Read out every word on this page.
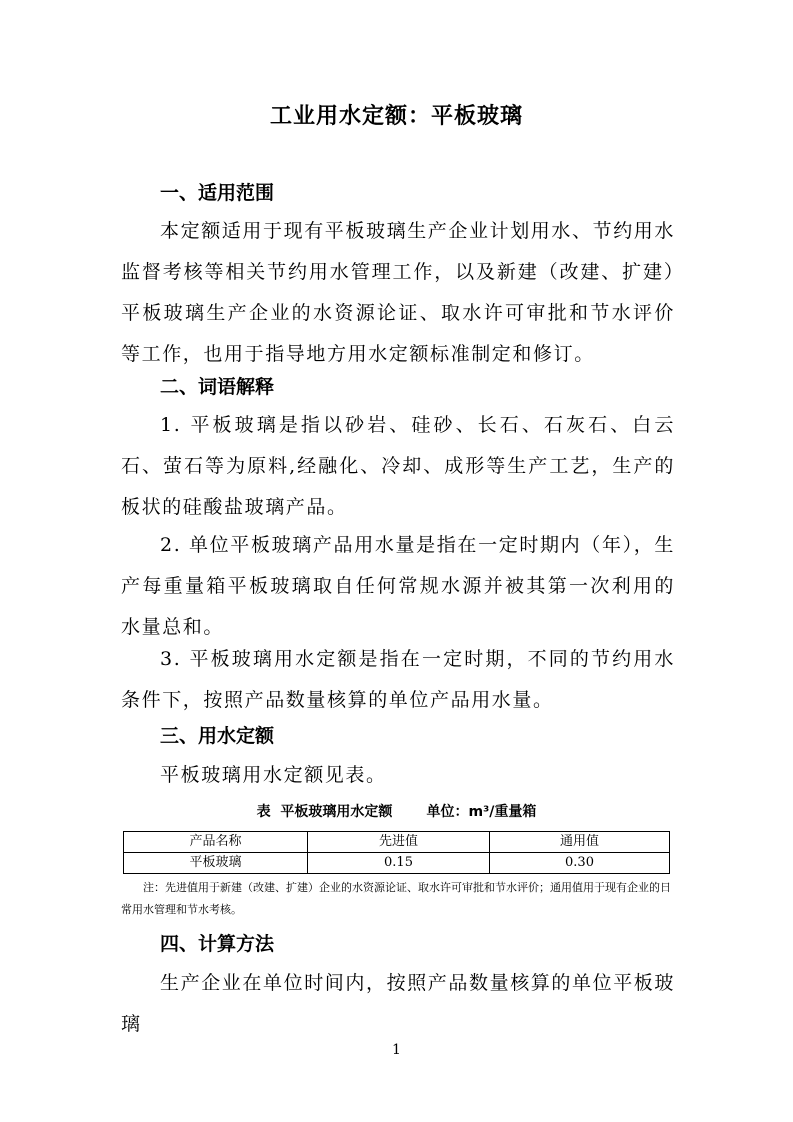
工业用水定额：平板玻璃
一、适用范围

本定额适用于现有平板玻璃生产企业计划用水、节约用水监督考核等相关节约用水管理工作，以及新建（改建、扩建）平板玻璃生产企业的水资源论证、取水许可审批和节水评价等工作，也用于指导地方用水定额标准制定和修订。

二、词语解释

1. 平板玻璃是指以砂岩、硅砂、长石、石灰石、白云石、萤石等为原料,经融化、冷却、成形等生产工艺，生产的板状的硅酸盐玻璃产品。

2. 单位平板玻璃产品用水量是指在一定时期内（年），生产每重量箱平板玻璃取自任何常规水源并被其第一次利用的水量总和。

3. 平板玻璃用水定额是指在一定时期，不同的节约用水条件下，按照产品数量核算的单位产品用水量。

三、用水定额

平板玻璃用水定额见表。

表  平板玻璃用水定额       单位：m³/重量箱
产品名称	先进值	通用值
平板玻璃	0.15	0.30

注：先进值用于新建（改建、扩建）企业的水资源论证、取水许可审批和节水评价；通用值用于现有企业的日常用水管理和节水考核。

四、计算方法

生产企业在单位时间内，按照产品数量核算的单位平板玻璃

1
